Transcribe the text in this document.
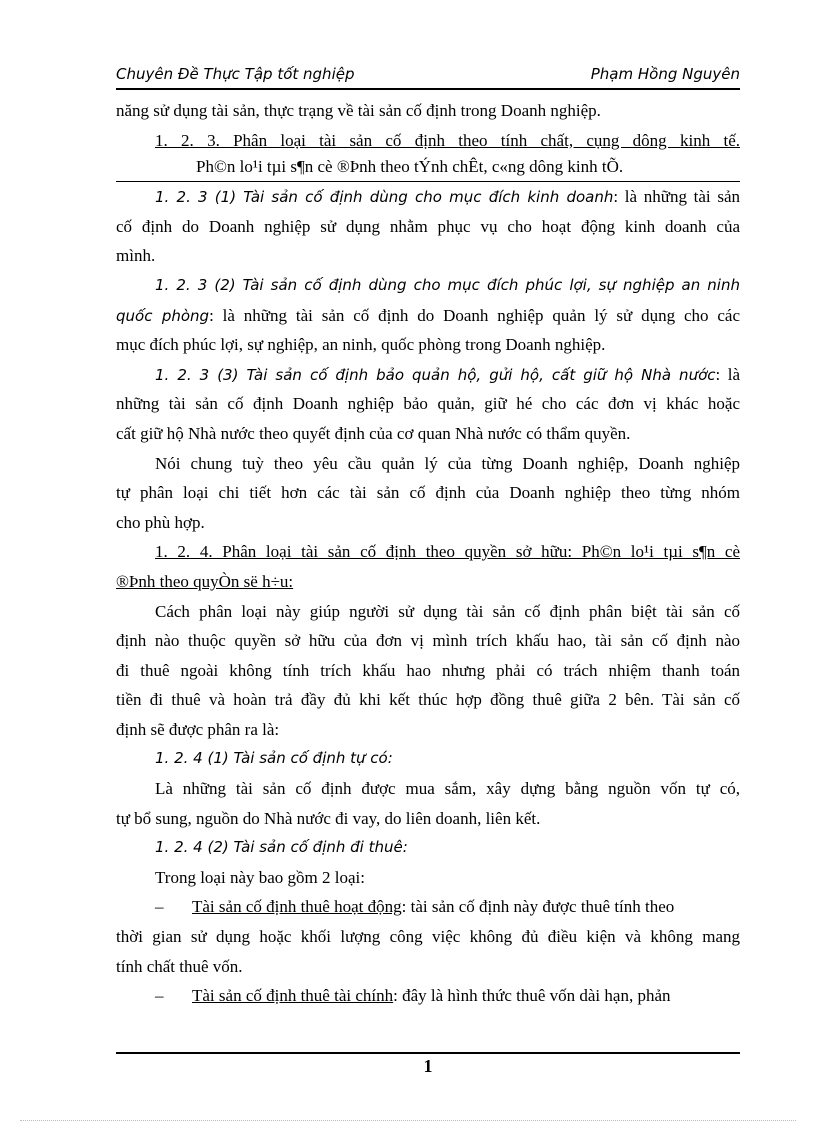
Chuyên Đề Thực Tập tốt nghiệp	Phạm Hồng Nguyên
năng sử dụng tài sản, thực trạng về tài sản cố định trong Doanh nghiệp.
1. 2. 3. Phân loại tài sản cố định theo tính chất, cụng dông kinh tế.
Ph©n lo¹i tµi s¶n cè ®Þnh theo tÝnh chÊt, c«ng dông kinh tÕ.
1. 2. 3 (1) Tài sản cố định dùng cho mục đích kinh doanh: là những tài sản
cố định do Doanh nghiệp sử dụng nhằm phục vụ cho hoạt động kinh doanh của
mình.
1. 2. 3 (2) Tài sản cố định dùng cho mục đích phúc lợi, sự nghiệp an ninh
quốc phòng: là những tài sản cố định do Doanh nghiệp quản lý sử dụng cho các
mục đích phúc lợi, sự nghiệp, an ninh, quốc phòng trong Doanh nghiệp.
1. 2. 3 (3) Tài sản cố định bảo quản hộ, gửi hộ, cất giữ hộ Nhà nước: là
những tài sản cố định Doanh nghiệp bảo quản, giữ hé cho các đơn vị khác hoặc
cất giữ hộ Nhà nước theo quyết định của cơ quan Nhà nước có thẩm quyền.
Nói chung tuỳ theo yêu cầu quản lý của từng Doanh nghiệp, Doanh nghiệp
tự phân loại chi tiết hơn các tài sản cố định của Doanh nghiệp theo từng nhóm
cho phù hợp.
1. 2. 4. Phân loại tài sản cố định theo quyền sở hữu: Ph©n lo¹i tµi s¶n cè
®Þnh theo quyÒn së h÷u:
Cách phân loại này giúp người sử dụng tài sản cố định phân biệt tài sản cố
định nào thuộc quyền sở hữu của đơn vị mình trích khấu hao, tài sản cố định nào
đi thuê ngoài không tính trích khấu hao nhưng phải có trách nhiệm thanh toán
tiền đi thuê và hoàn trả đầy đủ khi kết thúc hợp đồng thuê giữa 2 bên. Tài sản cố
định sẽ được phân ra là:
1. 2. 4 (1) Tài sản cố định tự có:
Là những tài sản cố định được mua sắm, xây dựng bằng nguồn vốn tự có,
tự bổ sung, nguồn do Nhà nước đi vay, do liên doanh, liên kết.
1. 2. 4 (2) Tài sản cố định đi thuê:
Trong loại này bao gồm 2 loại:
– Tài sản cố định thuê hoạt động: tài sản cố định này được thuê tính theo
thời gian sử dụng hoặc khối lượng công việc không đủ điều kiện và không mang
tính chất thuê vốn.
– Tài sản cố định thuê tài chính: đây là hình thức thuê vốn dài hạn, phản
1
